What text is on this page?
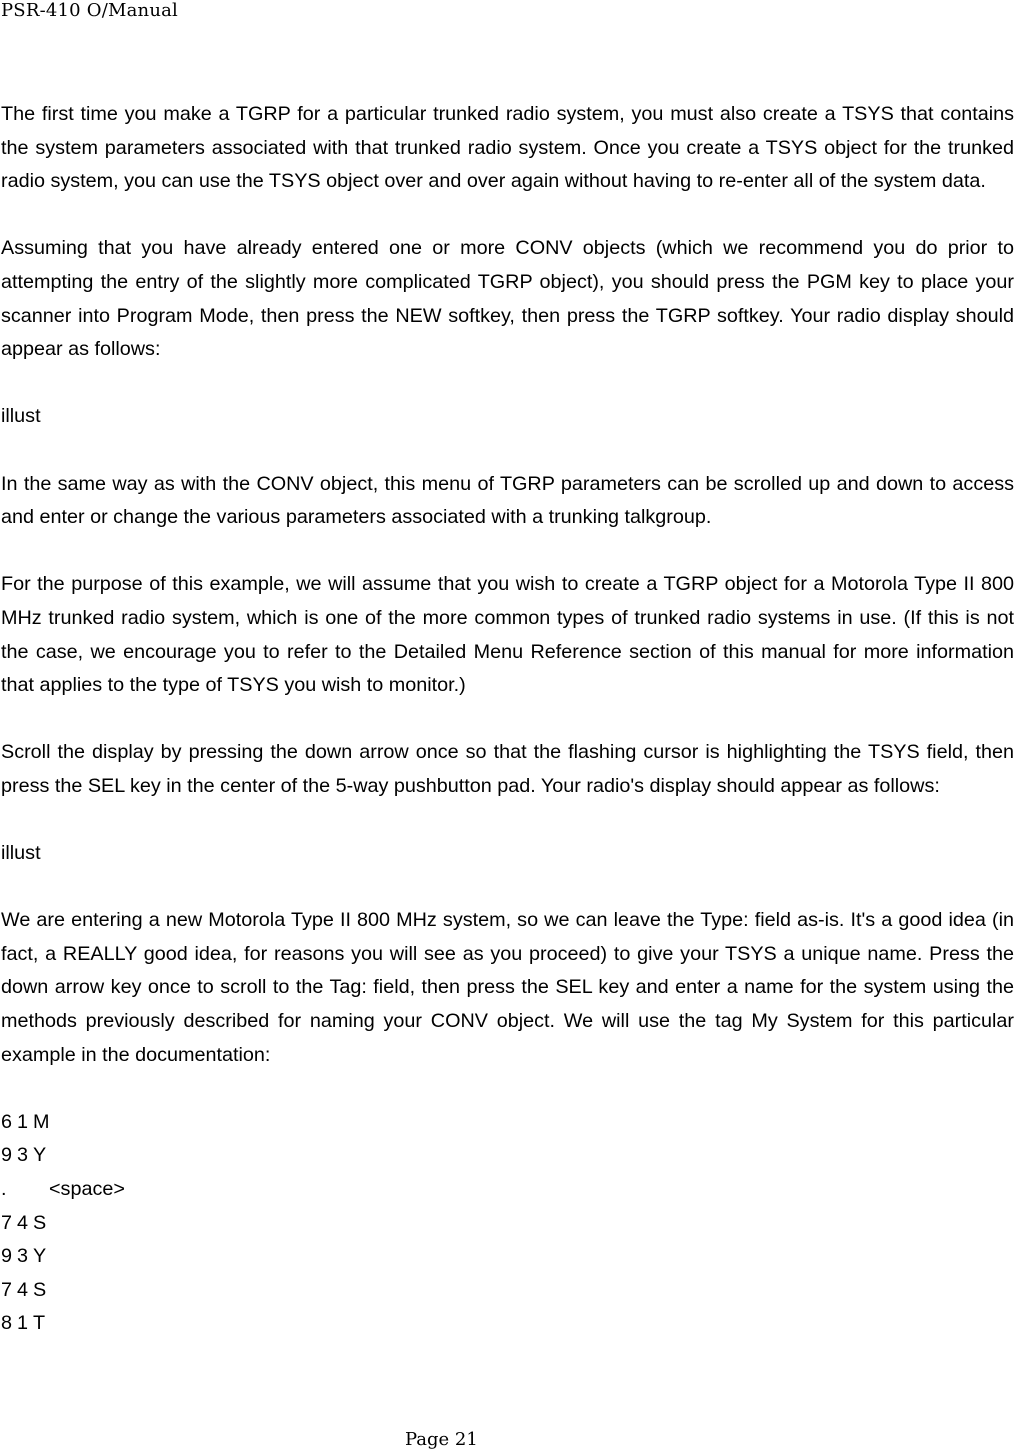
PSR-410 O/Manual

The first time you make a TGRP for a particular trunked radio system, you must also create a TSYS that contains the system parameters associated with that trunked radio system. Once you create a TSYS object for the trunked radio system, you can use the TSYS object over and over again without having to re-enter all of the system data.

Assuming that you have already entered one or more CONV objects (which we recommend you do prior to attempting the entry of the slightly more complicated TGRP object), you should press the PGM key to place your scanner into Program Mode, then press the NEW softkey, then press the TGRP softkey. Your radio display should appear as follows:

illust

In the same way as with the CONV object, this menu of TGRP parameters can be scrolled up and down to access and enter or change the various parameters associated with a trunking talkgroup.

For the purpose of this example, we will assume that you wish to create a TGRP object for a Motorola Type II 800 MHz trunked radio system, which is one of the more common types of trunked radio systems in use. (If this is not the case, we encourage you to refer to the Detailed Menu Reference section of this manual for more information that applies to the type of TSYS you wish to monitor.)

Scroll the display by pressing the down arrow once so that the flashing cursor is highlighting the TSYS field, then press the SEL key in the center of the 5-way pushbutton pad. Your radio's display should appear as follows:

illust

We are entering a new Motorola Type II 800 MHz system, so we can leave the Type: field as-is. It's a good idea (in fact, a REALLY good idea, for reasons you will see as you proceed) to give your TSYS a unique name. Press the down arrow key once to scroll to the Tag: field, then press the SEL key and enter a name for the system using the methods previously described for naming your CONV object. We will use the tag My System for this particular example in the documentation:

6 1 M
9 3 Y
.	<space>
7 4 S
9 3 Y
7 4 S
8 1 T
Page 21
